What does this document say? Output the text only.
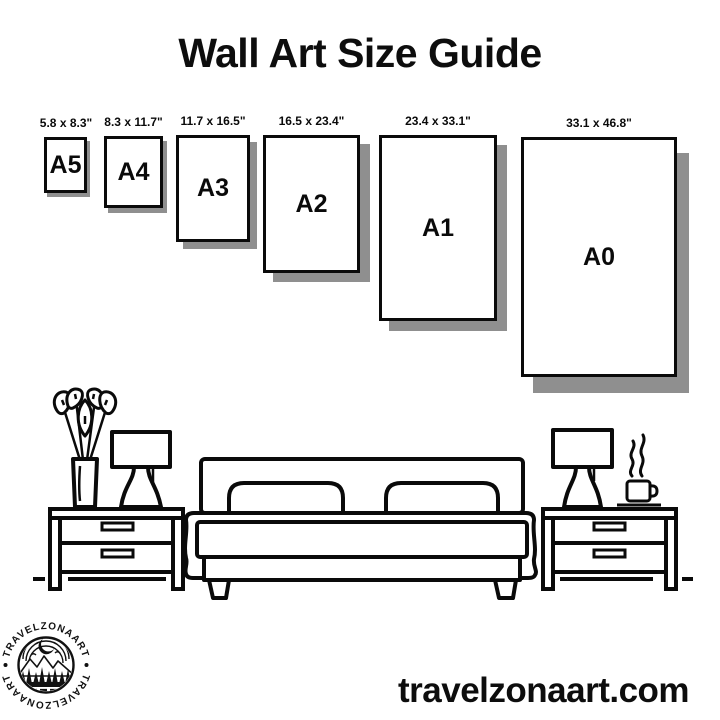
Wall Art Size Guide
5.8 x 8.3"	8.3 x 11.7"	11.7 x 16.5"	16.5 x 23.4"	23.4 x 33.1"	33.1 x 46.8"
A5 A4
A3
A2
A1
A0
TRAVELZONAART
TRAVELZONAART	travelzonaart.com
